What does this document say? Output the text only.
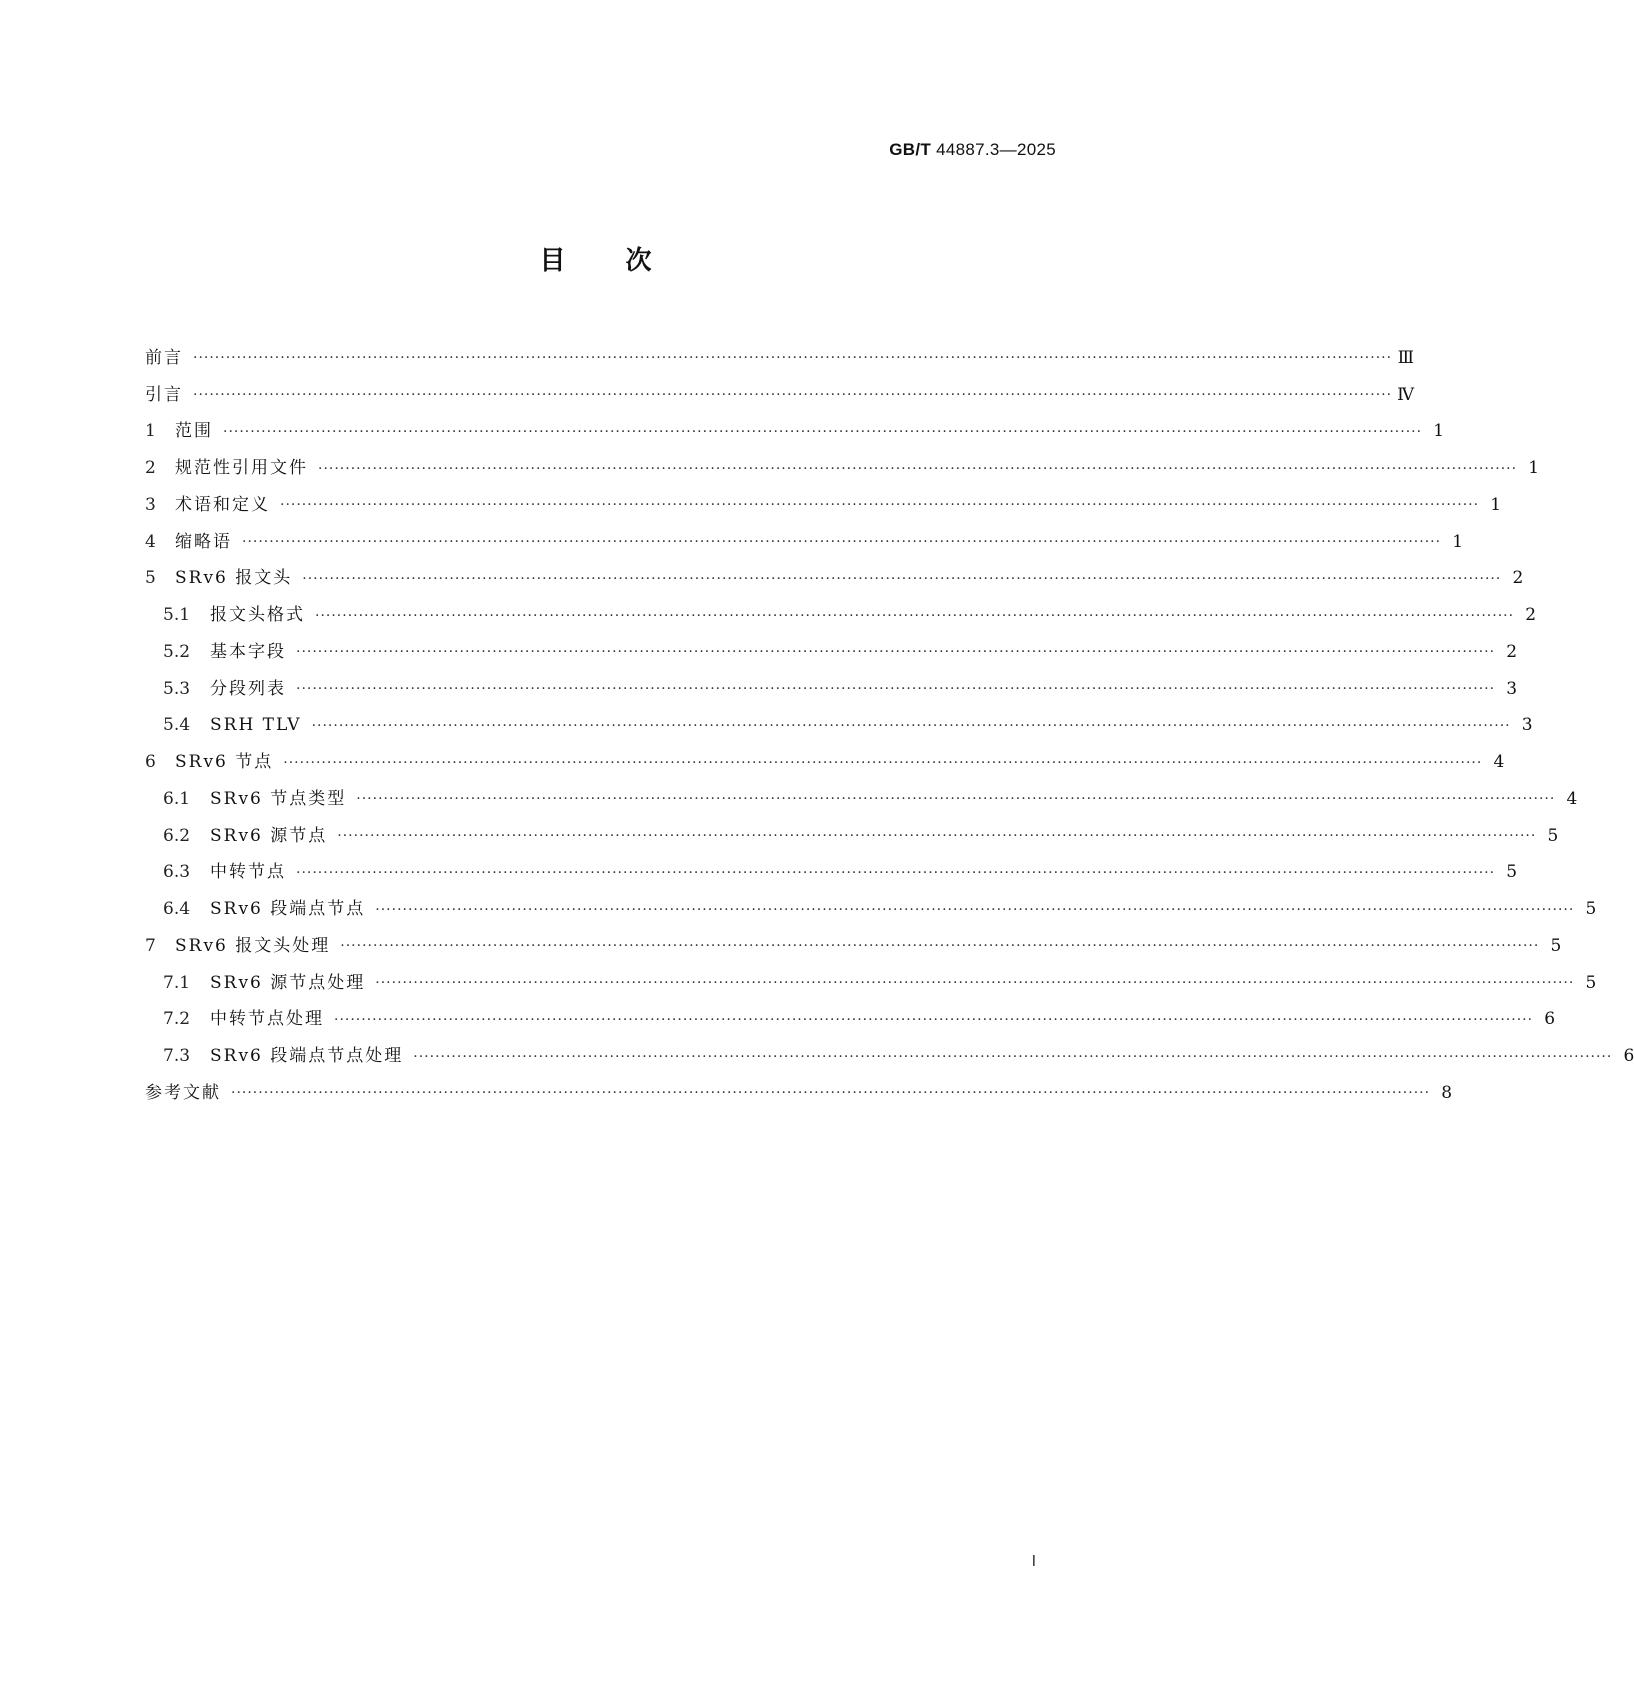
GB/T 44887.3—2025
目次
前言 ···························································································································································································································· Ⅲ
引言 ···························································································································································································································· Ⅳ
1	范围 ···························································································································································································································· 1
2	规范性引用文件 ···························································································································································································································· 1
3	术语和定义 ···························································································································································································································· 1
4	缩略语 ···························································································································································································································· 1
5	SRv6 报文头 ···························································································································································································································· 2
5.1	报文头格式 ···························································································································································································································· 2
5.2	基本字段 ···························································································································································································································· 2
5.3	分段列表 ···························································································································································································································· 3
5.4	SRH TLV ···························································································································································································································· 3
6	SRv6 节点 ···························································································································································································································· 4
6.1	SRv6 节点类型 ···························································································································································································································· 4
6.2	SRv6 源节点 ···························································································································································································································· 5
6.3	中转节点 ···························································································································································································································· 5
6.4	SRv6 段端点节点 ···························································································································································································································· 5
7	SRv6 报文头处理 ···························································································································································································································· 5
7.1	SRv6 源节点处理 ···························································································································································································································· 5
7.2	中转节点处理 ···························································································································································································································· 6
7.3	SRv6 段端点节点处理 ···························································································································································································································· 6
参考文献 ···························································································································································································································· 8
Ⅰ
